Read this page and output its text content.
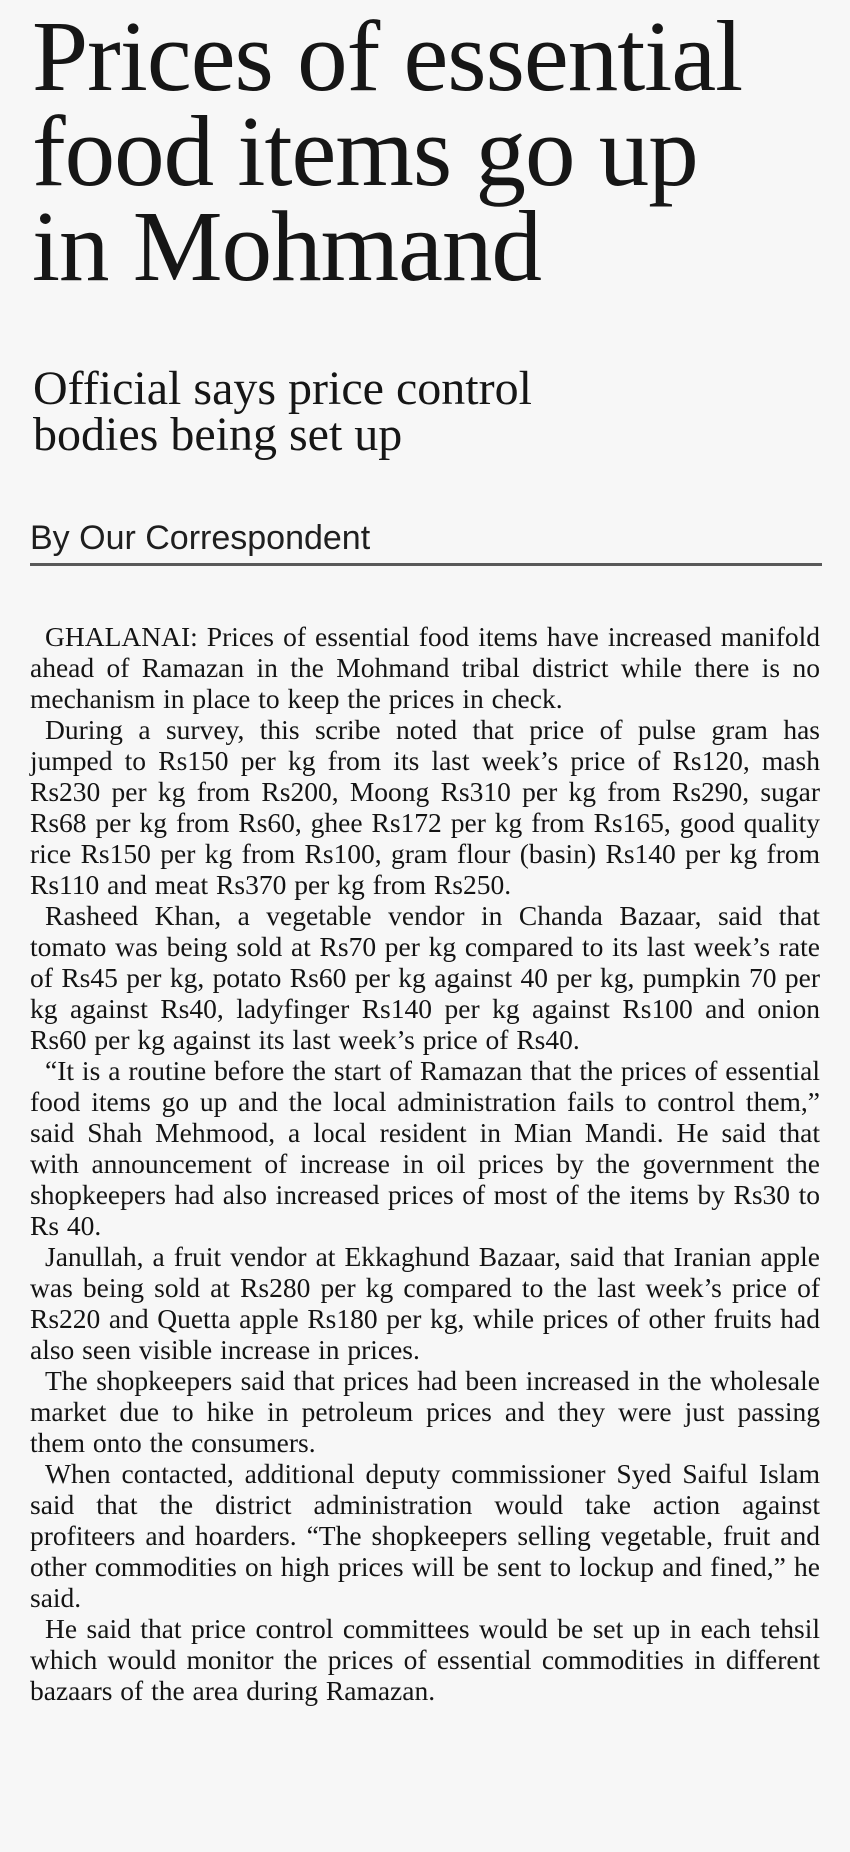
Prices of essential food items go up in Mohmand
Official says price control bodies being set up
By Our Correspondent

GHALANAI: Prices of essential food items have increased manifold ahead of Ramazan in the Mohmand tribal district while there is no mechanism in place to keep the prices in check.

During a survey, this scribe noted that price of pulse gram has jumped to Rs150 per kg from its last week’s price of Rs120, mash Rs230 per kg from Rs200, Moong Rs310 per kg from Rs290, sugar Rs68 per kg from Rs60, ghee Rs172 per kg from Rs165, good quality rice Rs150 per kg from Rs100, gram flour (basin) Rs140 per kg from Rs110 and meat Rs370 per kg from Rs250.

Rasheed Khan, a vegetable vendor in Chanda Bazaar, said that tomato was being sold at Rs70 per kg compared to its last week’s rate of Rs45 per kg, potato Rs60 per kg against 40 per kg, pumpkin 70 per kg against Rs40, ladyfinger Rs140 per kg against Rs100 and onion Rs60 per kg against its last week’s price of Rs40.

“It is a routine before the start of Ramazan that the prices of essential food items go up and the local administration fails to control them,” said Shah Mehmood, a local resident in Mian Mandi. He said that with announcement of increase in oil prices by the government the shopkeepers had also increased prices of most of the items by Rs30 to Rs 40.

Janullah, a fruit vendor at Ekkaghund Bazaar, said that Iranian apple was being sold at Rs280 per kg compared to the last week’s price of Rs220 and Quetta apple Rs180 per kg, while prices of other fruits had also seen visible increase in prices.

The shopkeepers said that prices had been increased in the wholesale market due to hike in petroleum prices and they were just passing them onto the consumers.

When contacted, additional deputy commissioner Syed Saiful Islam said that the district administration would take action against profiteers and hoarders. “The shopkeepers selling vegetable, fruit and other commodities on high prices will be sent to lockup and fined,” he said.

He said that price control committees would be set up in each tehsil which would monitor the prices of essential commodities in different bazaars of the area during Ramazan.
